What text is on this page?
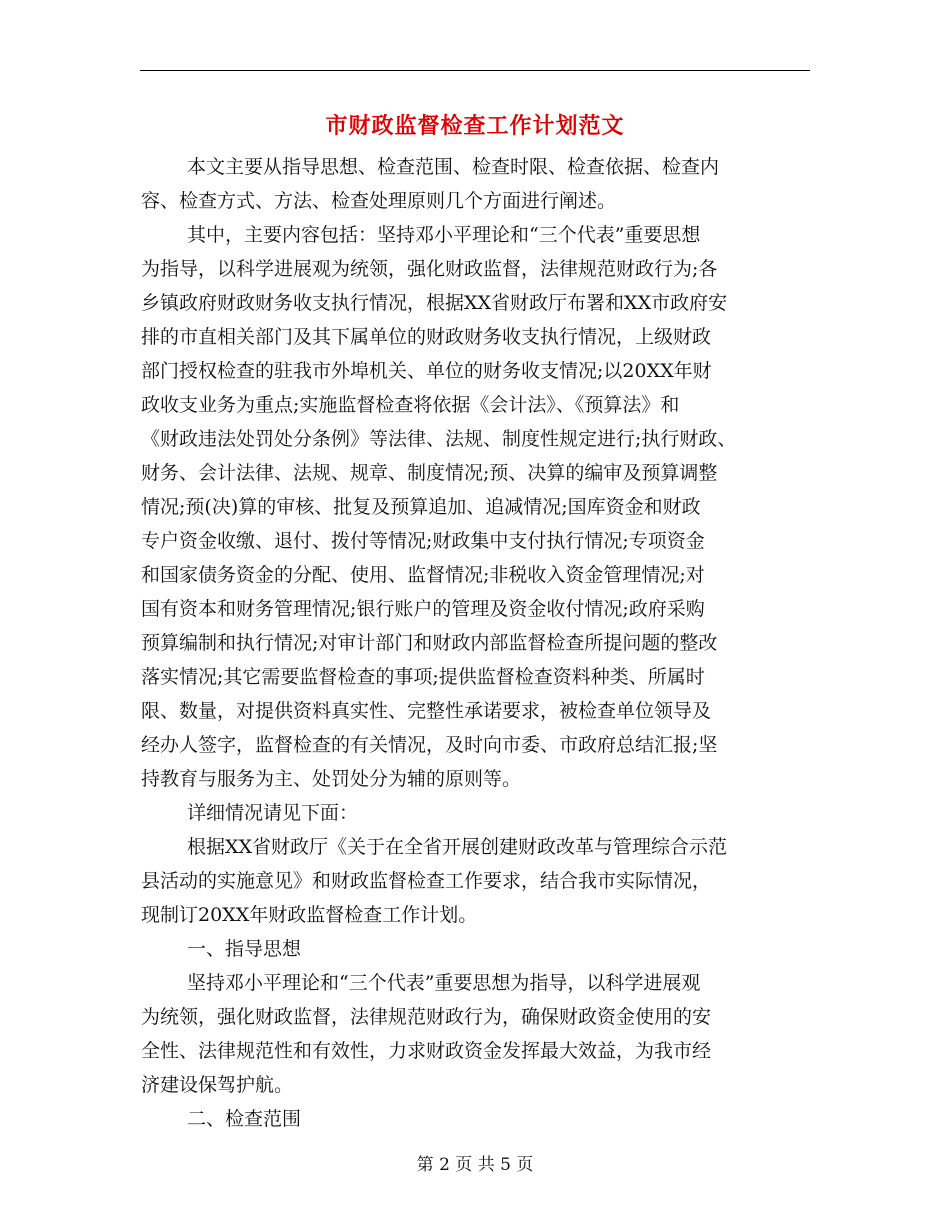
市财政监督检查工作计划范文
本文主要从指导思想、检查范围、检查时限、检查依据、检查内
容、检查方式、方法、检查处理原则几个方面进行阐述。
其中，主要内容包括：坚持邓小平理论和“三个代表”重要思想
为指导，以科学进展观为统领，强化财政监督，法律规范财政行为;各
乡镇政府财政财务收支执行情况，根据XX省财政厅布署和XX市政府安
排的市直相关部门及其下属单位的财政财务收支执行情况，上级财政
部门授权检查的驻我市外埠机关、单位的财务收支情况;以20XX年财
政收支业务为重点;实施监督检查将依据《会计法》、《预算法》和
《财政违法处罚处分条例》等法律、法规、制度性规定进行;执行财政、
财务、会计法律、法规、规章、制度情况;预、决算的编审及预算调整
情况;预(决)算的审核、批复及预算追加、追减情况;国库资金和财政
专户资金收缴、退付、拨付等情况;财政集中支付执行情况;专项资金
和国家债务资金的分配、使用、监督情况;非税收入资金管理情况;对
国有资本和财务管理情况;银行账户的管理及资金收付情况;政府采购
预算编制和执行情况;对审计部门和财政内部监督检查所提问题的整改
落实情况;其它需要监督检查的事项;提供监督检查资料种类、所属时
限、数量，对提供资料真实性、完整性承诺要求，被检查单位领导及
经办人签字，监督检查的有关情况，及时向市委、市政府总结汇报;坚
持教育与服务为主、处罚处分为辅的原则等。
详细情况请见下面：
根据XX省财政厅《关于在全省开展创建财政改革与管理综合示范
县活动的实施意见》和财政监督检查工作要求，结合我市实际情况，
现制订20XX年财政监督检查工作计划。
一、指导思想
坚持邓小平理论和“三个代表”重要思想为指导，以科学进展观
为统领，强化财政监督，法律规范财政行为，确保财政资金使用的安
全性、法律规范性和有效性，力求财政资金发挥最大效益，为我市经
济建设保驾护航。
二、检查范围
第 2 页 共 5 页
